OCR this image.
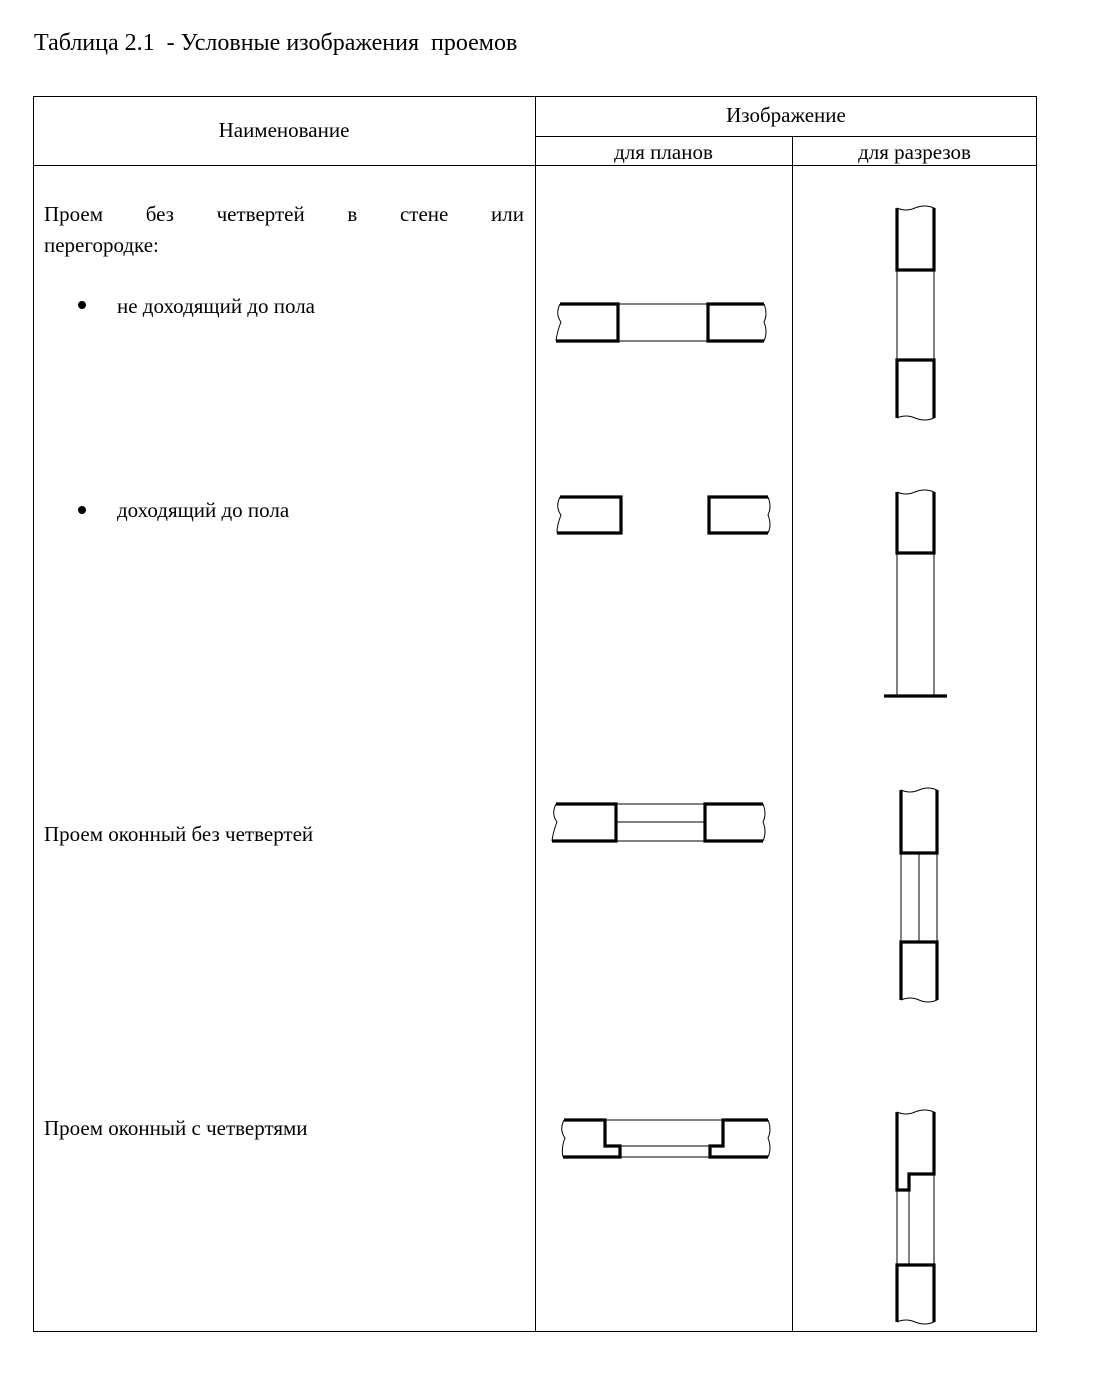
Таблица 2.1  - Условные изображения  проемов
Наименование
Изображение
для планов	для разрезов
Проем без четвертей в стене или
перегородке:
не доходящий до пола
доходящий до пола
Проем оконный без четвертей
Проем оконный с четвертями
